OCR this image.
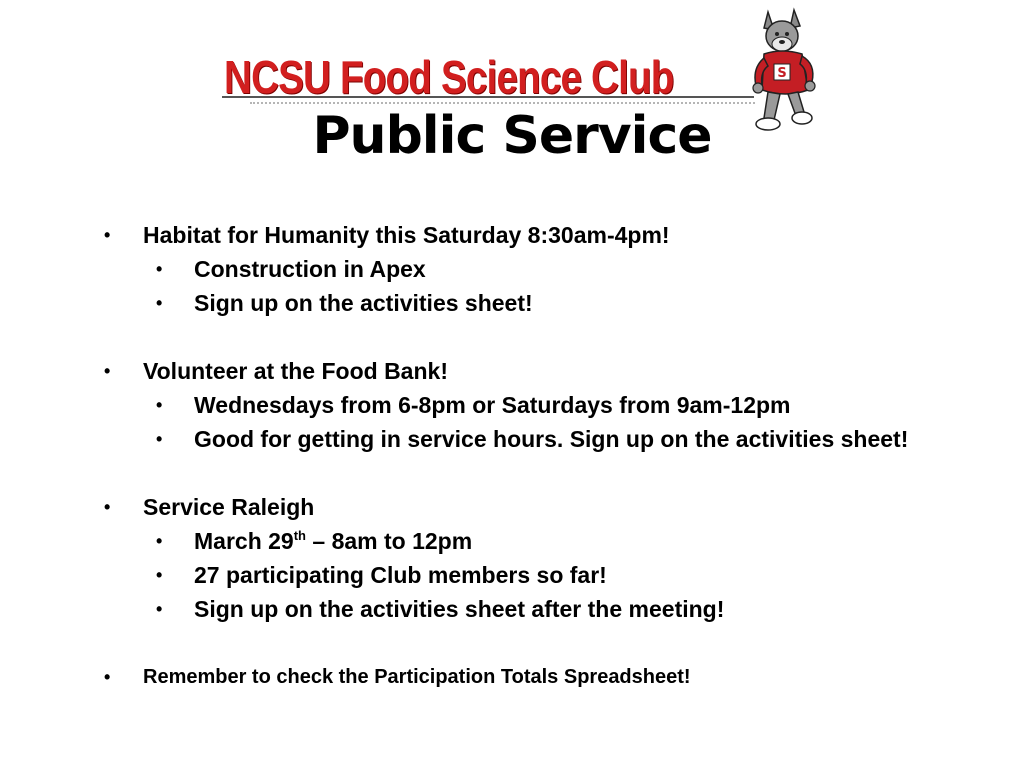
NCSU Food Science Club	S
Public Service
• Habitat for Humanity this Saturday 8:30am-4pm!
• Construction in Apex
• Sign up on the activities sheet!
• Volunteer at the Food Bank!
• Wednesdays from 6-8pm or Saturdays from 9am-12pm
• Good for getting in service hours. Sign up on the activities sheet!
• Service Raleigh
• March 29th – 8am to 12pm
• 27 participating Club members so far!
• Sign up on the activities sheet after the meeting!
• Remember to check the Participation Totals Spreadsheet!
